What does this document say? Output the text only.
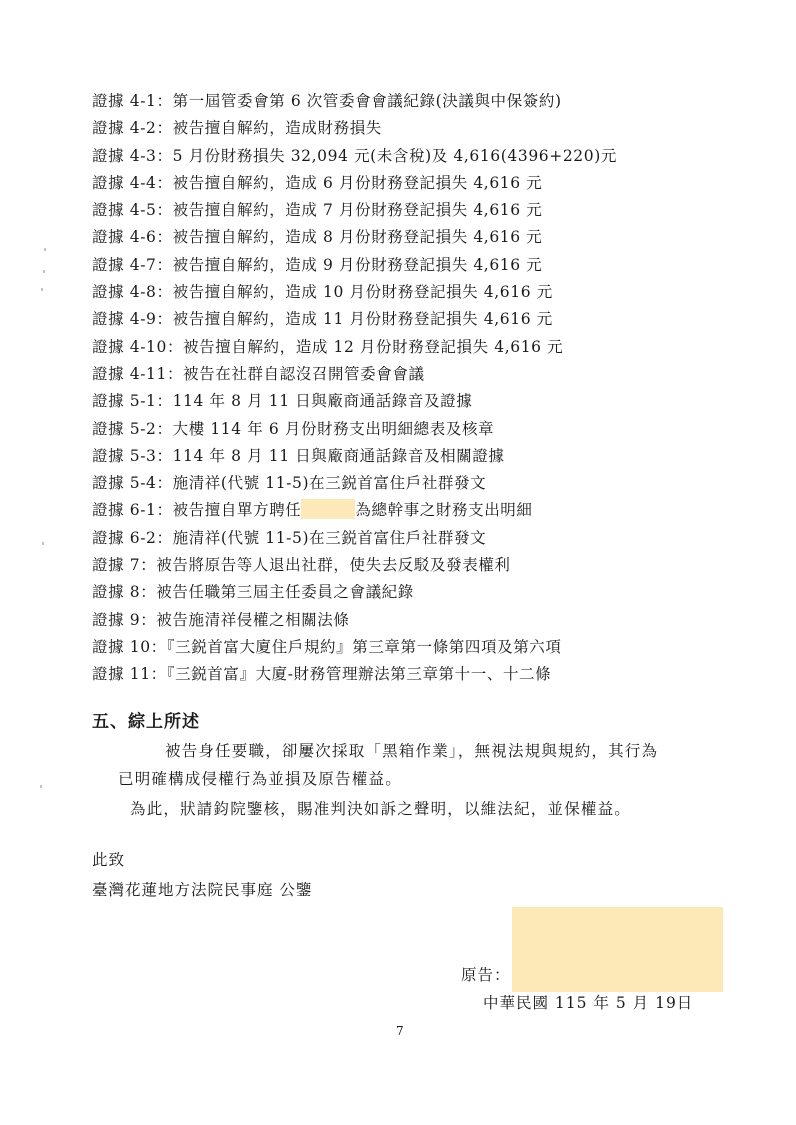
證據 4-1：第一屆管委會第 6 次管委會會議紀錄(決議與中保簽約)
證據 4-2：被告擅自解約，造成財務損失
證據 4-3：5 月份財務損失 32,094 元(未含稅)及 4,616(4396+220)元
證據 4-4：被告擅自解約，造成 6 月份財務登記損失 4,616 元
證據 4-5：被告擅自解約，造成 7 月份財務登記損失 4,616 元
證據 4-6：被告擅自解約，造成 8 月份財務登記損失 4,616 元
證據 4-7：被告擅自解約，造成 9 月份財務登記損失 4,616 元
證據 4-8：被告擅自解約，造成 10 月份財務登記損失 4,616 元
證據 4-9：被告擅自解約，造成 11 月份財務登記損失 4,616 元
證據 4-10：被告擅自解約，造成 12 月份財務登記損失 4,616 元
證據 4-11：被告在社群自認沒召開管委會會議
證據 5-1：114 年 8 月 11 日與廠商通話錄音及證據
證據 5-2：大樓 114 年 6 月份財務支出明細總表及核章
證據 5-3：114 年 8 月 11 日與廠商通話錄音及相關證據
證據 5-4：施清祥(代號 11-5)在三鋭首富住戶社群發文
證據 6-1：被告擅自單方聘任	為總幹事之財務支出明細
證據 6-2：施清祥(代號 11-5)在三鋭首富住戶社群發文
證據 7：被告將原告等人退出社群，使失去反駁及發表權利
證據 8：被告任職第三屆主任委員之會議紀錄
證據 9：被告施清祥侵權之相關法條
證據 10：『三鋭首富大廈住戶規約』第三章第一條第四項及第六項
證據 11：『三鋭首富』大廈-財務管理辦法第三章第十一、十二條
五、綜上所述

被告身任要職，卻屢次採取「黑箱作業」，無視法規與規約，其行為

已明確構成侵權行為並損及原告權益。

為此，狀請鈞院鑒核，賜准判決如訴之聲明，以維法紀，並保權益。

此致

臺灣花蓮地方法院民事庭 公鑒

原告：

中華民國 115 年 5 月 19日

7
